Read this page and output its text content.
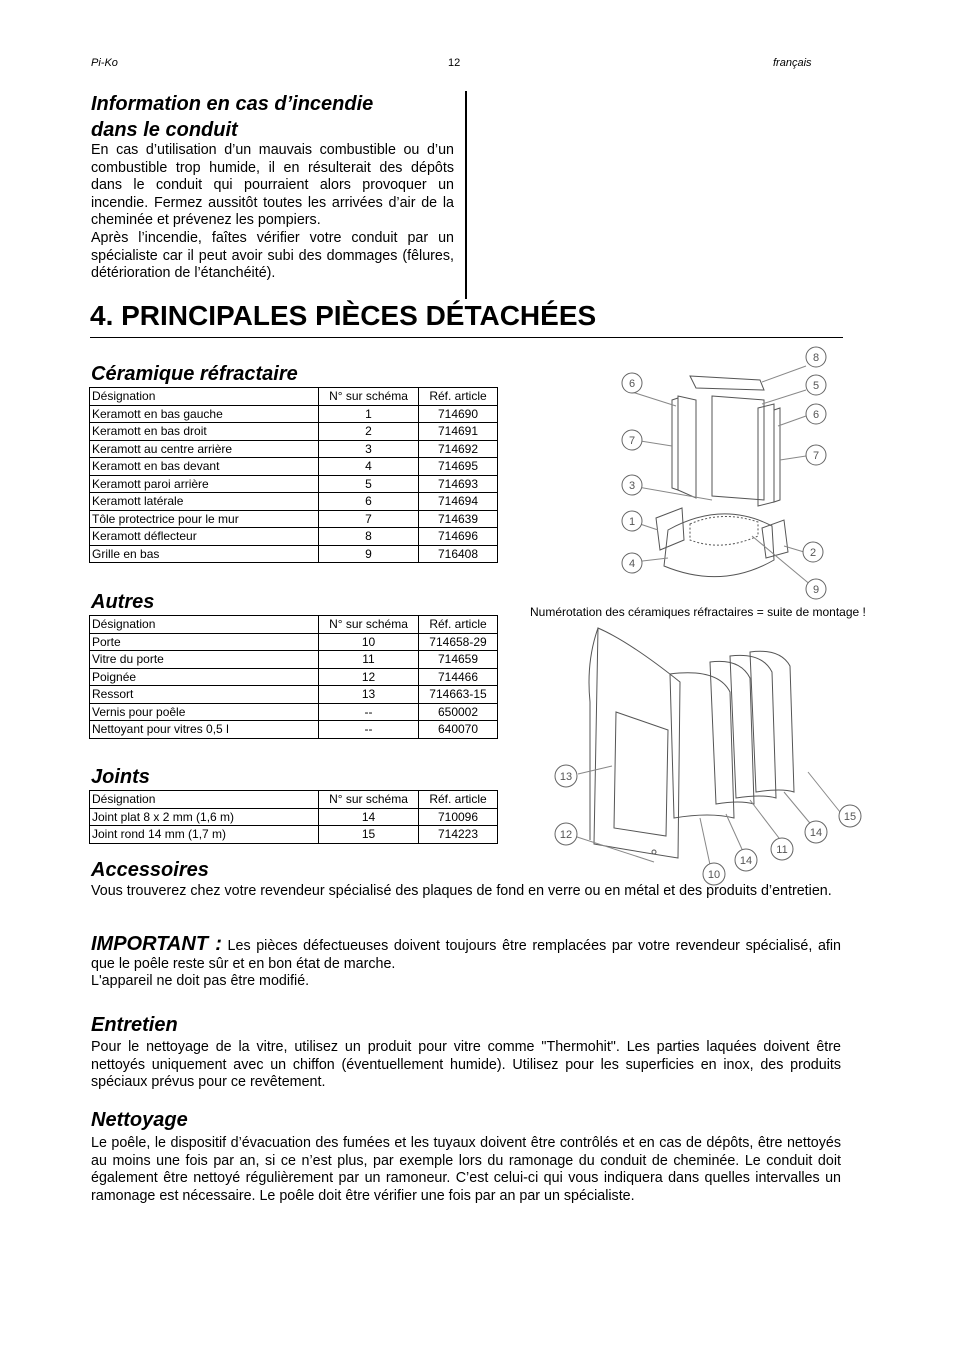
Pi-Ko	12	français
Information en cas d’incendie
dans le conduit

En cas d’utilisation d’un mauvais combustible ou d’un combustible trop humide, il en résulterait des dépôts dans le conduit qui pourraient alors provoquer un incendie. Fermez aussitôt toutes les arrivées d’air de la cheminée et prévenez les pompiers.

Après l’incendie, faîtes vérifier votre conduit par un spécialiste car il peut avoir subi des dommages (fêlures, détérioration de l’étanchéité).

4. PRINCIPALES PIÈCES DÉTACHÉES
Céramique réfractaire
Désignation	N° sur schéma	Réf. article
Keramott en bas gauche	1	714690
Keramott en bas droit	2	714691
Keramott au centre arrière	3	714692
Keramott en bas devant	4	714695
Keramott paroi arrière	5	714693
Keramott latérale	6	714694
Tôle protectrice pour le mur	7	714639
Keramott déflecteur	8	714696
Grille en bas	9	716408
Autres
Désignation	N° sur schéma	Réf. article
Porte	10	714658-29
Vitre du porte	11	714659
Poignée	12	714466
Ressort	13	714663-15
Vernis pour poêle	--	650002
Nettoyant pour vitres 0,5 l	--	640070
Joints
Désignation	N° sur schéma	Réf. article
Joint plat 8 x 2 mm (1,6 m)	14	710096
Joint rond 14 mm (1,7 m)	15	714223
8
6	5
6
7
7
3
1
2
4
9
Numérotation des céramiques réfractaires = suite de montage !
13
12
10
14
11
14
15
Accessoires
Vous trouverez chez votre revendeur spécialisé des plaques de fond en verre ou en métal et des produits d’entretien.

IMPORTANT : Les pièces défectueuses doivent toujours être remplacées par votre revendeur spécialisé, afin que le poêle reste sûr et en bon état de marche.

L'appareil ne doit pas être modifié.

Entretien
Pour le nettoyage de la vitre, utilisez un produit pour vitre comme "Thermohit". Les parties laquées doivent être nettoyés uniquement avec un chiffon (éventuellement humide). Utilisez pour les superficies en inox, des produits spéciaux prévus pour ce revêtement.
Nettoyage
Le poêle, le dispositif d’évacuation des fumées et les tuyaux doivent être contrôlés et en cas de dépôts, être nettoyés au moins une fois par an, si ce n’est plus, par exemple lors du ramonage du conduit de cheminée. Le conduit doit également être nettoyé régulièrement par un ramoneur. C’est celui-ci qui vous indiquera dans quelles intervalles un ramonage est nécessaire. Le poêle doit être vérifier une fois par an par un spécialiste.
